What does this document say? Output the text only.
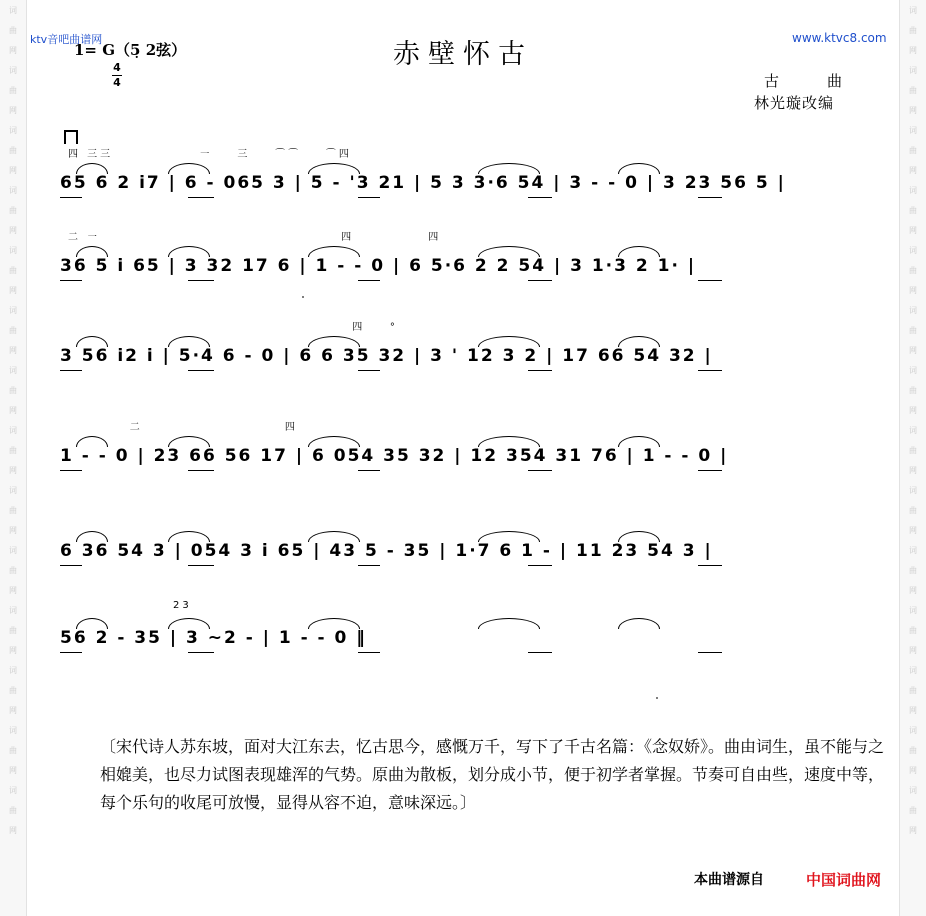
词
曲
网
词
曲
网
词
曲
网
词
曲
网
词
曲
网
词
曲
网
词
曲
网
词
曲
网
词
曲
网
词
曲
网
词
曲
网
词
曲
网
词
曲
网
词
曲
网
词
曲
网
词
曲
网
词
曲
网
词
曲
网
词
曲
网
词
曲
网
词
曲
网
词
曲
网
词
曲
网
词
曲
网
词
曲
网
词
曲
网
词
曲
网
词
曲
网
ktv音吧曲谱网	www.ktvc8.com
1= G（5̣ 2弦）
4
4
赤壁怀古
古曲
林光璇改编
四 三三              ㇐    三    ⌒⌒    ⌒四
65 6 2 i7 | 6 - 065 3 | 5 - '3 21 | 5 3 3·6 54 | 3 - - 0 | 3 23 56 5 |
二 ㇐                                       四            四
36 5 i 65 | 3 32 17 6 | 1 - - 0 | 6 5·6 2 2 54 | 3 1·3 2 1· |
四    °
3 56 i2 i | 5·4 6 - 0 | 6 6 35 32 | 3 ' 12 3 2 | 17 66 54 32 |
二                       四
1 - - 0 | 23 66 56 17 | 6 054 35 32 | 12 354 31 76 | 1 - - 0 |
6 36 54 3 | 054 3 i 65 | 43 5 - 35 | 1·7 6 1 - | 11 23 54 3 |
23
56 2 - 35 | 3 ~2 - | 1 - - 0 ‖
〔宋代诗人苏东坡，面对大江东去，忆古思今，感慨万千，写下了千古名篇：《念奴娇》。曲由词生，虽不能与之相媲美，也尽力试图表现雄浑的气势。原曲为散板，划分成小节，便于初学者掌握。节奏可自由些，速度中等，每个乐句的收尾可放慢，显得从容不迫，意味深远。〕
本曲谱源自	中国词曲网
